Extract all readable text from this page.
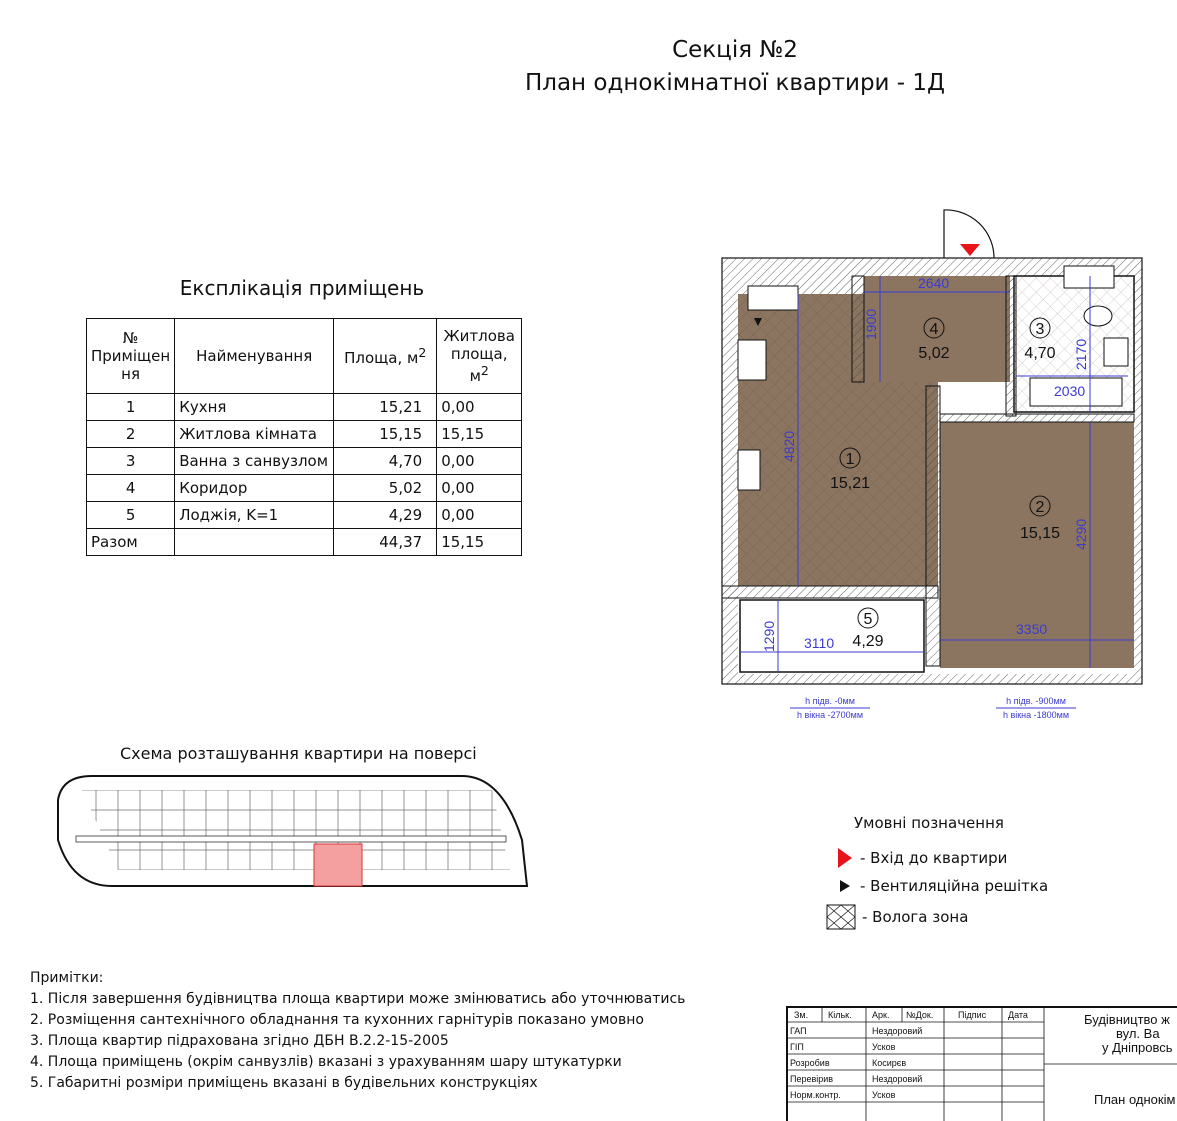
Секція №2
План однокімнатної квартири - 1Д
Експлікація приміщень
№
Приміщен
ня	Найменування	Площа, $м^2$	Житлова
площа, $м^2$
1	Кухня	15,21	0,00
2	Житлова кімната	15,15	15,15
3	Ванна з санвузлом	4,70	0,00
4	Коридор	5,02	0,00
5	Лоджія, K=1	4,29	0,00
Разом		44,37	15,15
2640
1900
2170
2030
4820
4290
3350
1290 3110
1
15,21
2
15,15
3
4,70
4
5,02
5
4,29
h підв. -0мм
h вікна -2700мм
h підв. -900мм
h вікна -1800мм
Схема розташування квартири на поверсі
Умовні позначення
- Вхід до квартири
- Вентиляційна решітка
- Волога зона
Примітки:
1. Після завершення будівництва площа квартири може змінюватись або уточнюватись
2. Розміщення сантехнічного обладнання та кухонних гарнітурів показано умовно
3. Площа квартир підрахована згідно ДБН В.2.2-15-2005
4. Площа приміщень (окрім санвузлів) вказані з урахуванням шару штукатурки
5. Габаритні розміри приміщень вказані в будівельних конструкціях
Зм. Кільк. Арк. №Док.	Підпис Дата
ГАП	Нездоровий
ГІП	Усков
Розробив	Косирєв
Перевірив	Нездоровий
Норм.контр.	Усков
Будівництво ж
вул. Ва
у Дніпровсь
План однокім
